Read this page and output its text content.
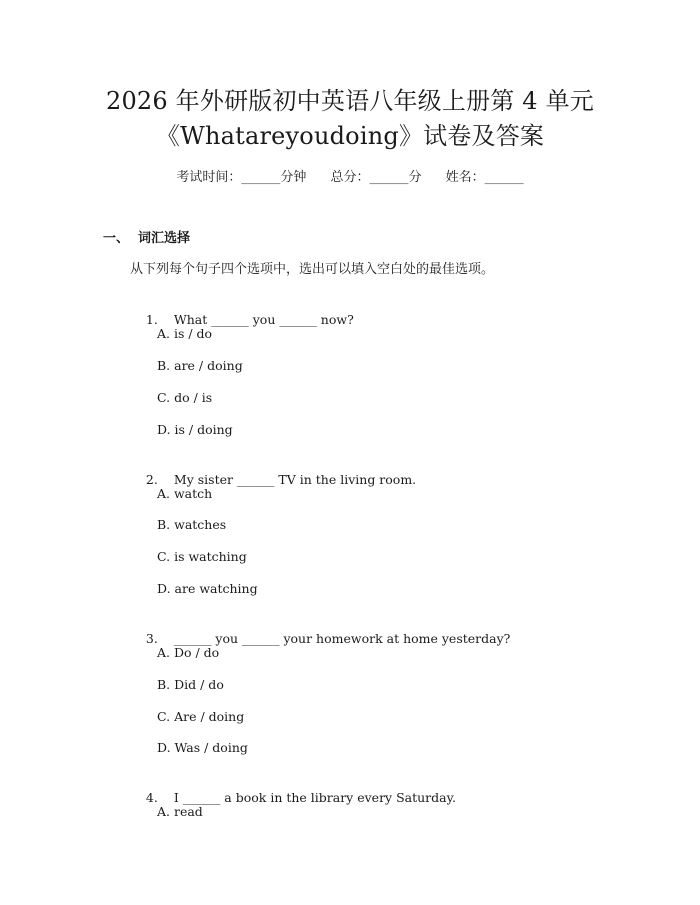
2026 年外研版初中英语八年级上册第 4 单元
《Whatareyoudoing》试卷及答案
考试时间：______分钟 总分：______分 姓名：______
一、 词汇选择
从下列每个句子四个选项中，选出可以填入空白处的最佳选项。

1. What ______ you ______ now?

A. is / do
B. are / doing
C. do / is
D. is / doing

2. My sister ______ TV in the living room.

A. watch
B. watches
C. is watching
D. are watching

3. ______ you ______ your homework at home yesterday?

A. Do / do
B. Did / do
C. Are / doing
D. Was / doing

4. I ______ a book in the library every Saturday.

A. read
